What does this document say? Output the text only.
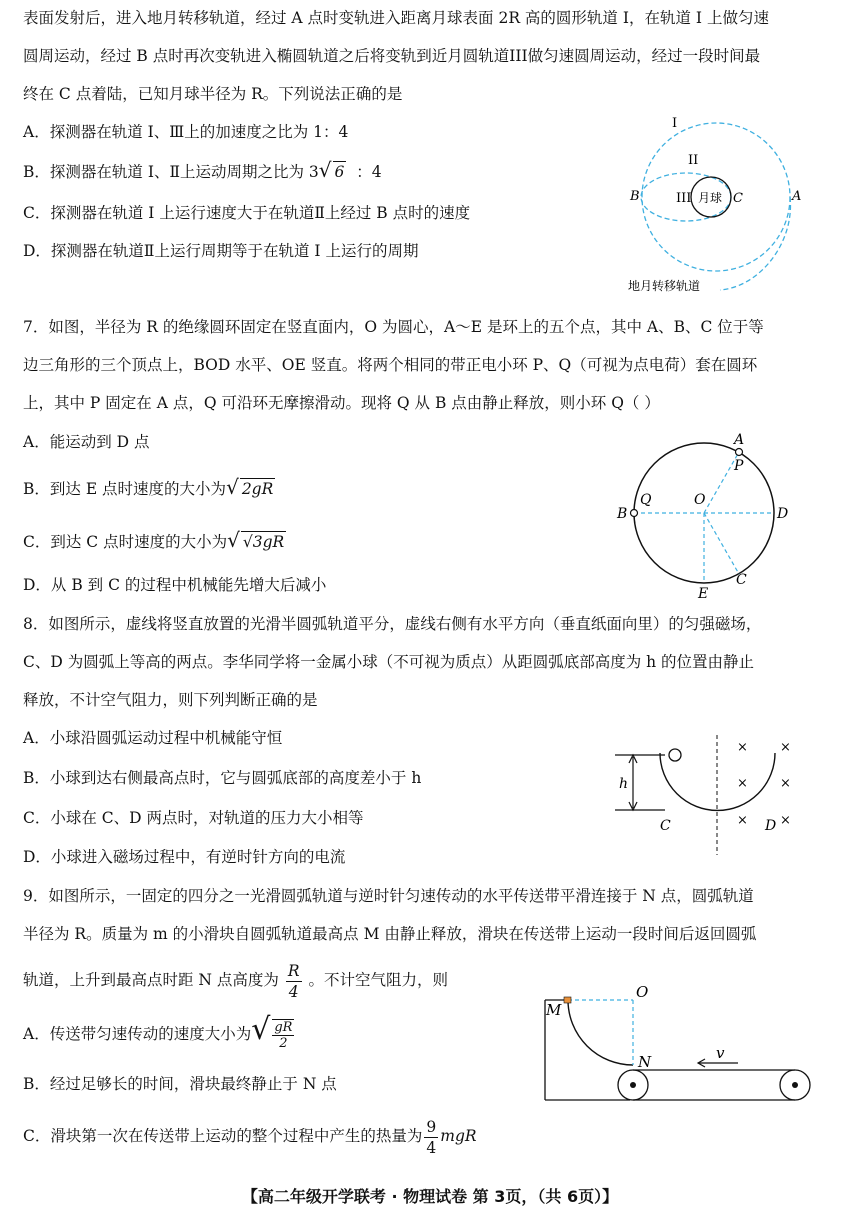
表面发射后，进入地月转移轨道，经过 A 点时变轨进入距离月球表面 2R 高的圆形轨道 I，在轨道 I 上做匀速
圆周运动，经过 B 点时再次变轨进入椭圆轨道之后将变轨到近月圆轨道III做匀速圆周运动，经过一段时间最
终在 C 点着陆，已知月球半径为 R。下列说法正确的是
A．探测器在轨道 Ⅰ、Ⅲ上的加速度之比为 1：4
B．探测器在轨道 Ⅰ、Ⅱ上运动周期之比为 3√ 6 ：4
C．探测器在轨道 Ⅰ 上运行速度大于在轨道Ⅱ上经过 B 点时的速度
D．探测器在轨道Ⅱ上运行周期等于在轨道 Ⅰ 上运行的周期
I
II
III 月球
B	C	A
地月转移轨道
7．如图，半径为 R 的绝缘圆环固定在竖直面内，O 为圆心，A～E 是环上的五个点，其中 A、B、C 位于等
边三角形的三个顶点上，BOD 水平、OE 竖直。将两个相同的带正电小环 P、Q（可视为点电荷）套在圆环
上，其中 P 固定在 A 点，Q 可沿环无摩擦滑动。现将 Q 从 B 点由静止释放，则小环 Q（ ）
A．能运动到 D 点
B．到达 E 点时速度的大小为√ 2gR
C．到达 C 点时速度的大小为√ √3gR
D．从 B 到 C 的过程中机械能先增大后减小
A
P
B
Q	O
D
E
C
8．如图所示，虚线将竖直放置的光滑半圆弧轨道平分，虚线右侧有水平方向（垂直纸面向里）的匀强磁场，
C、D 为圆弧上等高的两点。李华同学将一金属小球（不可视为质点）从距圆弧底部高度为 h 的位置由静止
释放，不计空气阻力，则下列判断正确的是
A．小球沿圆弧运动过程中机械能守恒
B．小球到达右侧最高点时，它与圆弧底部的高度差小于 h
C．小球在 C、D 两点时，对轨道的压力大小相等
D．小球进入磁场过程中，有逆时针方向的电流
h
C	D
× ×
× ×
× ×
9．如图所示，一固定的四分之一光滑圆弧轨道与逆时针匀速传动的水平传送带平滑连接于 N 点，圆弧轨道
半径为 R。质量为 m 的小滑块自圆弧轨道最高点 M 由静止释放，滑块在传送带上运动一段时间后返回圆弧
轨道，上升到最高点时距 N 点高度为 $\frac{R}{4}$ 。不计空气阻力，则
A．传送带匀速传动的速度大小为√ $\frac{gR}{2}$
B．经过足够长的时间，滑块最终静止于 N 点
C．滑块第一次在传送带上运动的整个过程中产生的热量为 $\frac{9}{4}$ mgR
O
M
N	v
【高二年级开学联考 · 物理试卷 第 3页，（共 6页）】
